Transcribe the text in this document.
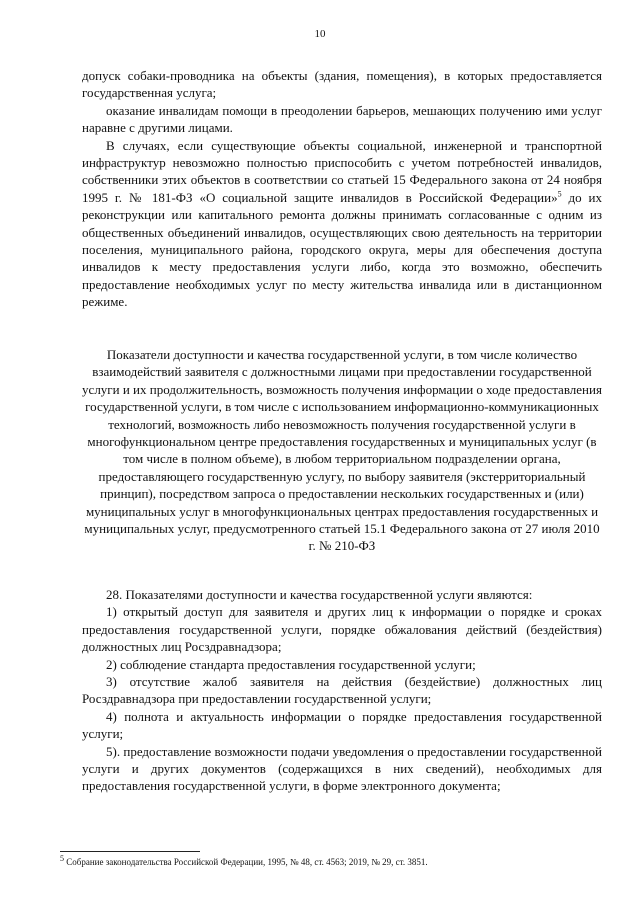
10

допуск собаки-проводника на объекты (здания, помещения), в которых предоставляется государственная услуга;

оказание инвалидам помощи в преодолении барьеров, мешающих получению ими услуг наравне с другими лицами.

В случаях, если существующие объекты социальной, инженерной и транспортной инфраструктур невозможно полностью приспособить с учетом потребностей инвалидов, собственники этих объектов в соответствии со статьей 15 Федерального закона от 24 ноября 1995 г. № 181-ФЗ «О социальной защите инвалидов в Российской Федерации»$^5$ до их реконструкции или капитального ремонта должны принимать согласованные с одним из общественных объединений инвалидов, осуществляющих свою деятельность на территории поселения, муниципального района, городского округа, меры для обеспечения доступа инвалидов к месту предоставления услуги либо, когда это возможно, обеспечить предоставление необходимых услуг по месту жительства инвалида или в дистанционном режиме.

Показатели доступности и качества государственной услуги, в том числе количество взаимодействий заявителя с должностными лицами при предоставлении государственной услуги и их продолжительность, возможность получения информации о ходе предоставления государственной услуги, в том числе с использованием информационно-коммуникационных технологий, возможность либо невозможность получения государственной услуги в многофункциональном центре предоставления государственных и муниципальных услуг (в том числе в полном объеме), в любом территориальном подразделении органа, предоставляющего государственную услугу, по выбору заявителя (экстерриториальный принцип), посредством запроса о предоставлении нескольких государственных и (или) муниципальных услуг в многофункциональных центрах предоставления государственных и муниципальных услуг, предусмотренного статьей 15.1 Федерального закона от 27 июля 2010 г. № 210-ФЗ

28. Показателями доступности и качества государственной услуги являются:

1) открытый доступ для заявителя и других лиц к информации о порядке и сроках предоставления государственной услуги, порядке обжалования действий (бездействия) должностных лиц Росздравнадзора;

2) соблюдение стандарта предоставления государственной услуги;

3) отсутствие жалоб заявителя на действия (бездействие) должностных лиц Росздравнадзора при предоставлении государственной услуги;

4) полнота и актуальность информации о порядке предоставления государственной услуги;

5). предоставление возможности подачи уведомления о предоставлении государственной услуги и других документов (содержащихся в них сведений), необходимых для предоставления государственной услуги, в форме электронного документа;

$^5$ Собрание законодательства Российской Федерации, 1995, № 48, ст. 4563; 2019, № 29, ст. 3851.
